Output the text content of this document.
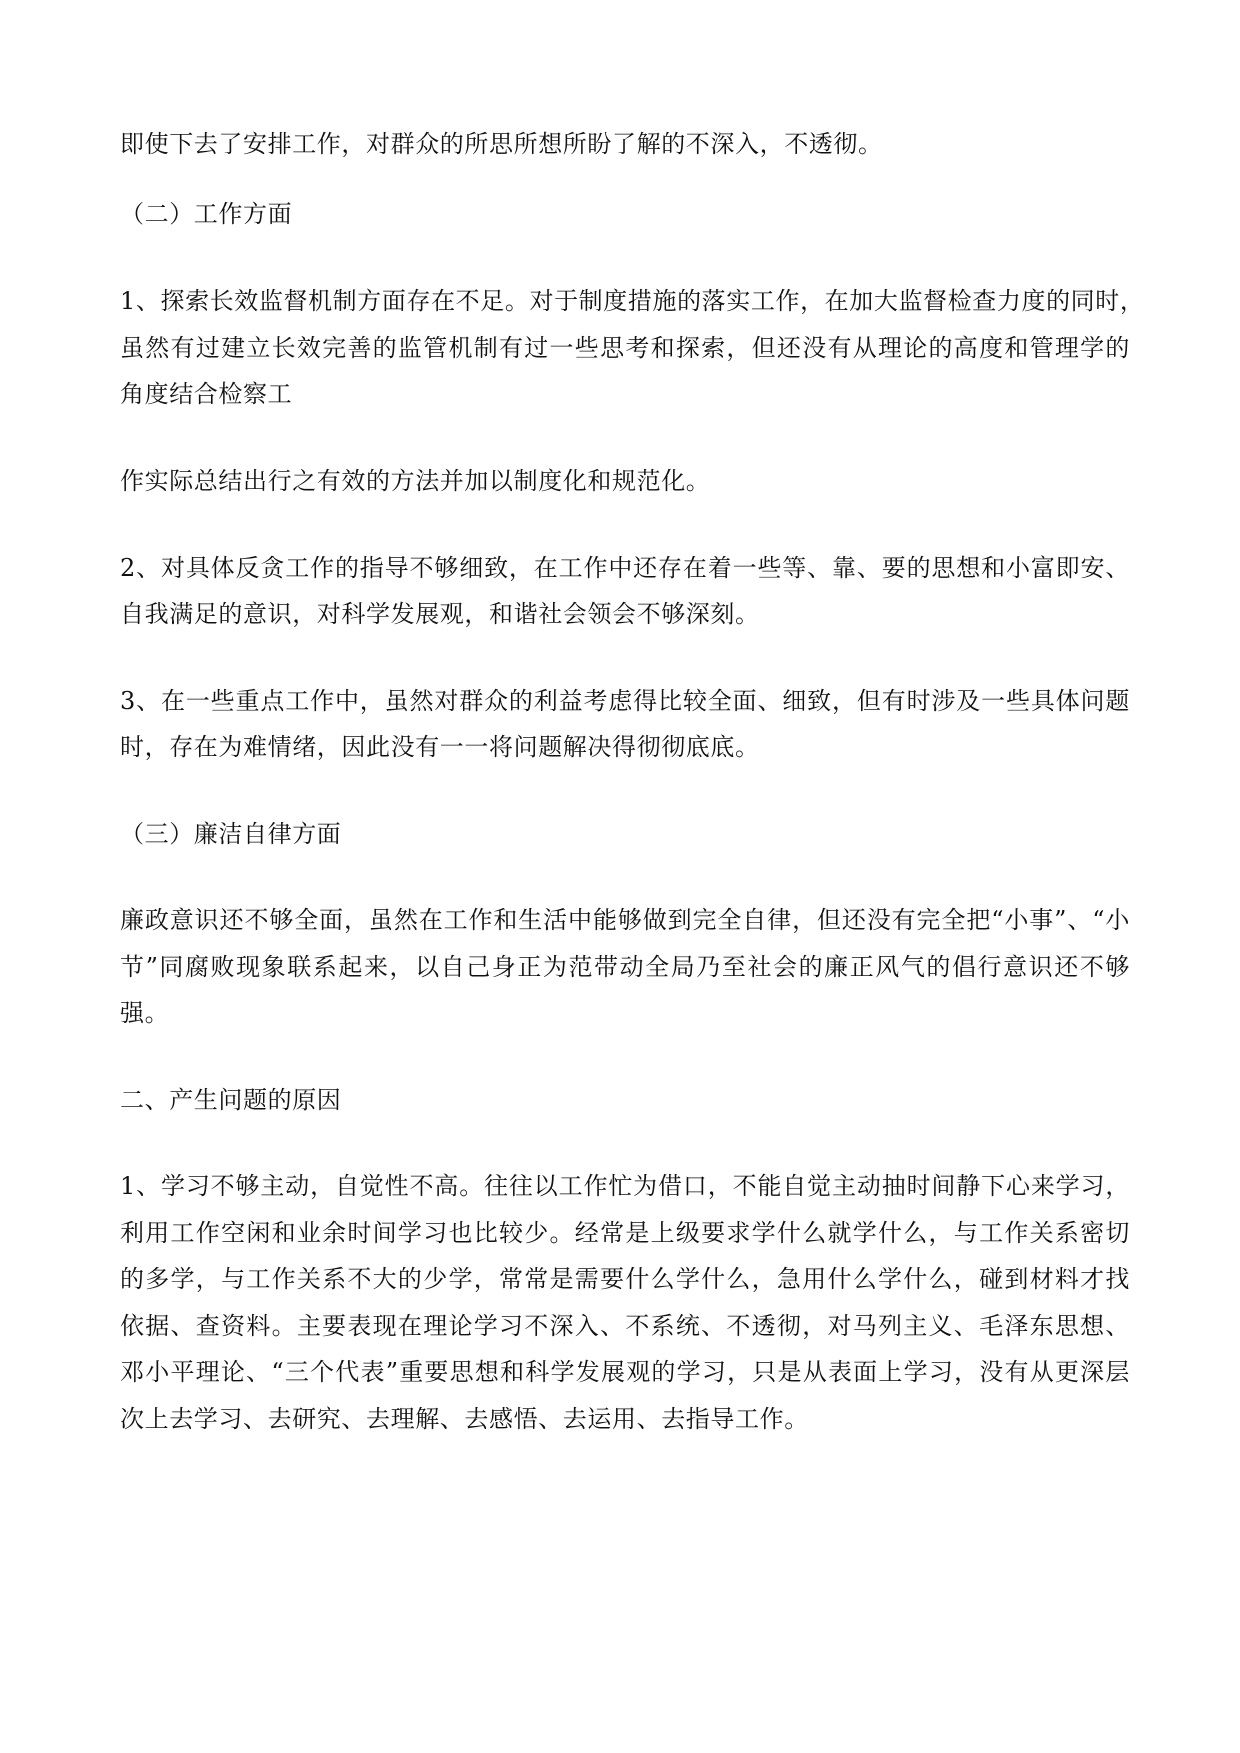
即使下去了安排工作，对群众的所思所想所盼了解的不深入，不透彻。

（二）工作方面

1、探索长效监督机制方面存在不足。对于制度措施的落实工作，在加大监督检查力度的同时，

虽然有过建立长效完善的监管机制有过一些思考和探索，但还没有从理论的高度和管理学的

角度结合检察工

作实际总结出行之有效的方法并加以制度化和规范化。

2、对具体反贪工作的指导不够细致，在工作中还存在着一些等、靠、要的思想和小富即安、

自我满足的意识，对科学发展观，和谐社会领会不够深刻。

3、在一些重点工作中，虽然对群众的利益考虑得比较全面、细致，但有时涉及一些具体问题

时，存在为难情绪，因此没有一一将问题解决得彻彻底底。

（三）廉洁自律方面

廉政意识还不够全面，虽然在工作和生活中能够做到完全自律，但还没有完全把“小事”、“小

节”同腐败现象联系起来，以自己身正为范带动全局乃至社会的廉正风气的倡行意识还不够

强。

二、产生问题的原因

1、学习不够主动，自觉性不高。往往以工作忙为借口，不能自觉主动抽时间静下心来学习，

利用工作空闲和业余时间学习也比较少。经常是上级要求学什么就学什么，与工作关系密切

的多学，与工作关系不大的少学，常常是需要什么学什么，急用什么学什么，碰到材料才找

依据、查资料。主要表现在理论学习不深入、不系统、不透彻，对马列主义、毛泽东思想、

邓小平理论、“三个代表”重要思想和科学发展观的学习，只是从表面上学习，没有从更深层

次上去学习、去研究、去理解、去感悟、去运用、去指导工作。
